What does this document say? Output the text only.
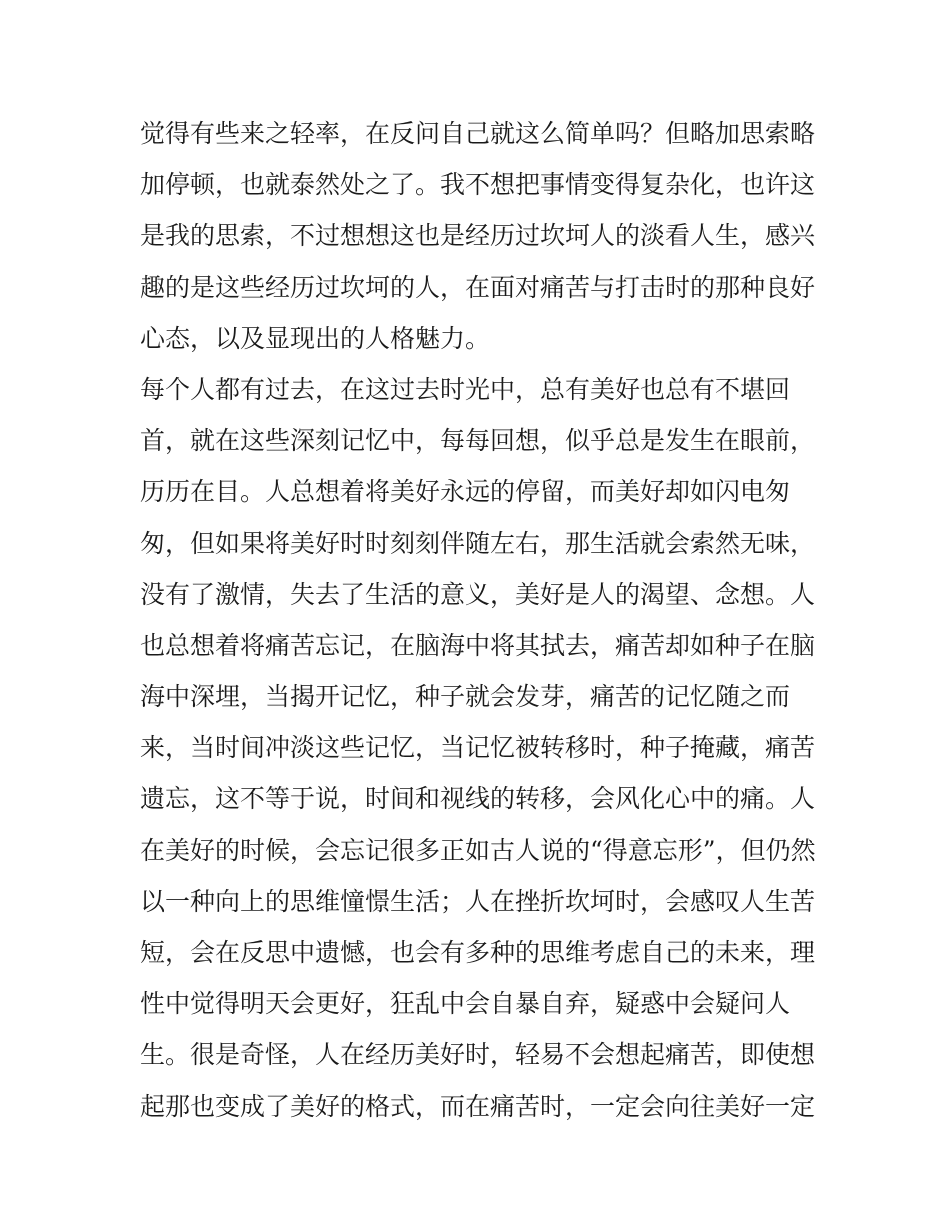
觉得有些来之轻率，在反问自己就这么简单吗？但略加思索略
加停顿，也就泰然处之了。我不想把事情变得复杂化，也许这
是我的思索，不过想想这也是经历过坎坷人的淡看人生，感兴
趣的是这些经历过坎坷的人，在面对痛苦与打击时的那种良好
心态，以及显现出的人格魅力。
每个人都有过去，在这过去时光中，总有美好也总有不堪回
首，就在这些深刻记忆中，每每回想，似乎总是发生在眼前，
历历在目。人总想着将美好永远的停留，而美好却如闪电匆
匆，但如果将美好时时刻刻伴随左右，那生活就会索然无味，
没有了激情，失去了生活的意义，美好是人的渴望、念想。人
也总想着将痛苦忘记，在脑海中将其拭去，痛苦却如种子在脑
海中深埋，当揭开记忆，种子就会发芽，痛苦的记忆随之而
来，当时间冲淡这些记忆，当记忆被转移时，种子掩藏，痛苦
遗忘，这不等于说，时间和视线的转移，会风化心中的痛。人
在美好的时候，会忘记很多正如古人说的“得意忘形”，但仍然
以一种向上的思维憧憬生活；人在挫折坎坷时，会感叹人生苦
短，会在反思中遗憾，也会有多种的思维考虑自己的未来，理
性中觉得明天会更好，狂乱中会自暴自弃，疑惑中会疑问人
生。很是奇怪，人在经历美好时，轻易不会想起痛苦，即使想
起那也变成了美好的格式，而在痛苦时，一定会向往美好一定
